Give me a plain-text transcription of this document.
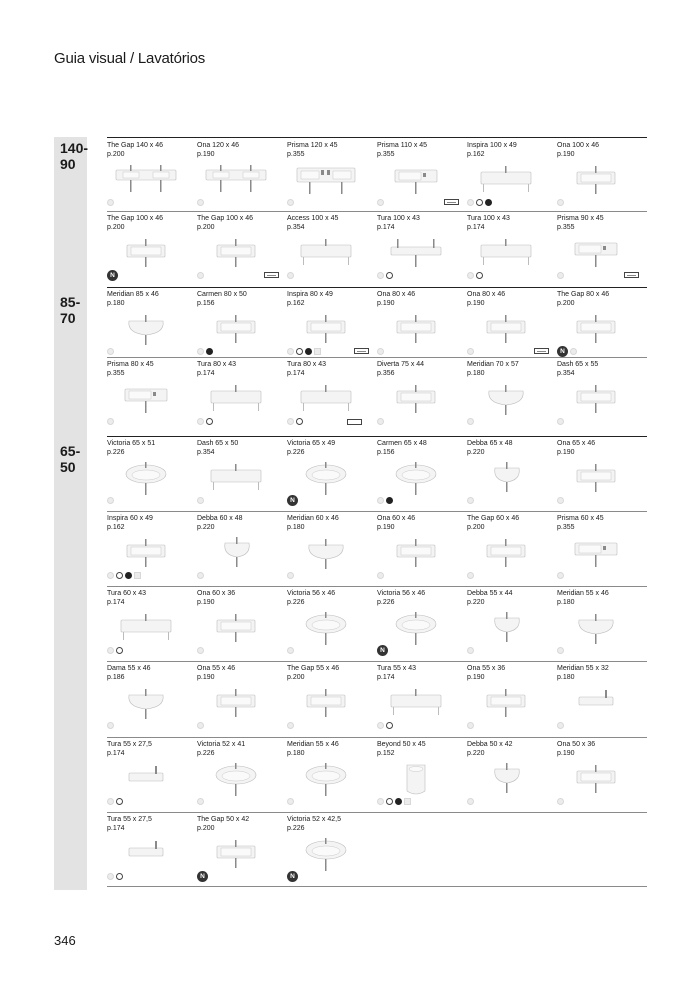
Guia visual / Lavatórios
140-
90
85-
70
65-
50
The Gap 140 x 46
p.200
Ona 120 x 46
p.190
Prisma 120 x 45
p.355
Prisma 110 x 45
p.355
Inspira 100 x 49
p.162
Ona 100 x 46
p.190
The Gap 100 x 46
p.200
N
The Gap 100 x 46
p.200
Access 100 x 45
p.354
Tura 100 x 43
p.174
Tura 100 x 43
p.174
Prisma 90 x 45
p.355
Meridian 85 x 46
p.180
Carmen 80 x 50
p.156
Inspira 80 x 49
p.162
Ona 80 x 46
p.190
Ona 80 x 46
p.190
The Gap 80 x 46
p.200
N
Prisma 80 x 45
p.355
Tura 80 x 43
p.174
Tura 80 x 43
p.174
Diverta 75 x 44
p.356
Meridian 70 x 57
p.180
Dash 65 x 55
p.354
Victoria 65 x 51
p.226
Dash 65 x 50
p.354
Victoria 65 x 49
p.226
N
Carmen 65 x 48
p.156
Debba 65 x 48
p.220
Ona 65 x 46
p.190
Inspira 60 x 49
p.162
Debba 60 x 48
p.220
Meridian 60 x 46
p.180
Ona 60 x 46
p.190
The Gap 60 x 46
p.200
Prisma 60 x 45
p.355
Tura 60 x 43
p.174
Ona 60 x 36
p.190
Victoria 56 x 46
p.226
Victoria 56 x 46
p.226
N
Debba 55 x 44
p.220
Meridian 55 x 46
p.180
Dama 55 x 46
p.186
Ona 55 x 46
p.190
The Gap 55 x 46
p.200
Tura 55 x 43
p.174
Ona 55 x 36
p.190
Meridian 55 x 32
p.180
Tura 55 x 27,5
p.174
Victoria 52 x 41
p.226
Meridian 55 x 46
p.180
Beyond 50 x 45
p.152
Debba 50 x 42
p.220
Ona 50 x 36
p.190
Tura 55 x 27,5
p.174
The Gap 50 x 42
p.200
N
Victoria 52 x 42,5
p.226
N
346
